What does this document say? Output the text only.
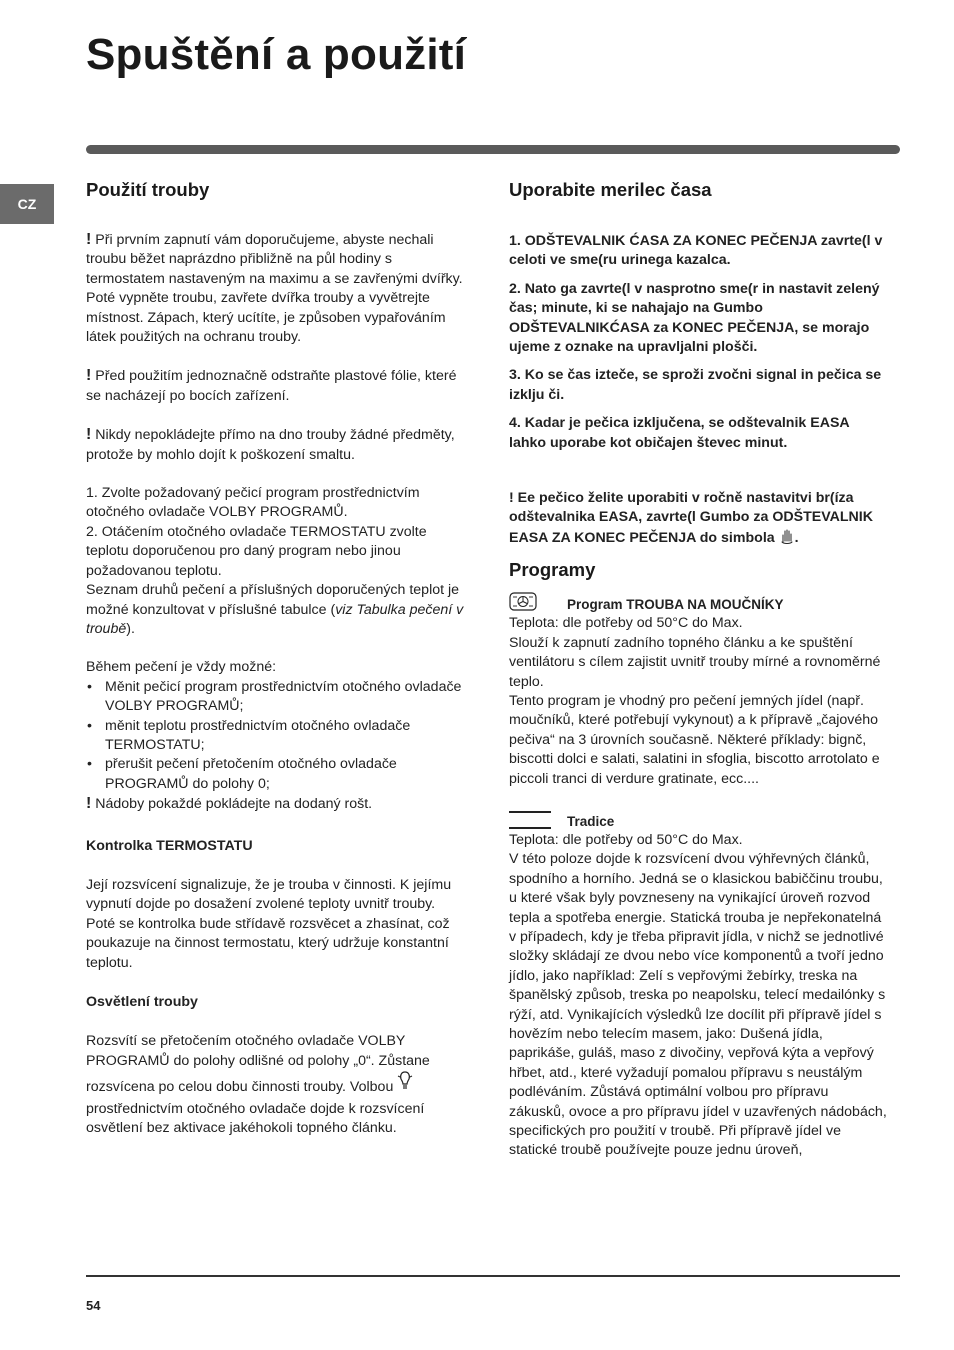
Spuštění a použití
CZ
Použití trouby

! Při prvním zapnutí vám doporučujeme, abyste nechali troubu běžet naprázdno přibližně na půl hodiny s termostatem nastaveným na maximu a se zavřenými dvířky. Poté vypněte troubu, zavřete dvířka trouby a vyvětrejte místnost. Zápach, který ucítíte, je způsoben vypařováním látek použitých na ochranu trouby.

! Před použitím jednoznačně odstraňte plastové fólie, které se nacházejí po bocích zařízení.

! Nikdy nepokládejte přímo na dno trouby žádné předměty, protože by mohlo dojít k poškození smaltu.

1. Zvolte požadovaný pečicí program prostřednictvím otočného ovladače VOLBY PROGRAMŮ.

2. Otáčením otočného ovladače TERMOSTATU zvolte teplotu doporučenou pro daný program nebo jinou požadovanou teplotu.

Seznam druhů pečení a příslušných doporučených teplot je možné konzultovat v příslušné tabulce (viz Tabulka pečení v troubě).

Během pečení je vždy možné:

• Měnit pečicí program prostřednictvím otočného ovladače VOLBY PROGRAMŮ;
• měnit teplotu prostřednictvím otočného ovladače TERMOSTATU;
• přerušit pečení přetočením otočného ovladače PROGRAMŮ do polohy 0;

! Nádoby pokaždé pokládejte na dodaný rošt.

Kontrolka TERMOSTATU

Její rozsvícení signalizuje, že je trouba v činnosti. K jejímu vypnutí dojde po dosažení zvolené teploty uvnitř trouby. Poté se kontrolka bude střídavě rozsvěcet a zhasínat, což poukazuje na činnost termostatu, který udržuje konstantní teplotu.

Osvětlení trouby

Rozsvítí se přetočením otočného ovladače VOLBY PROGRAMŮ do polohy odlišné od polohy „0“. Zůstane rozsvícena po celou dobu činnosti trouby. Volbou  prostřednictvím otočného ovladače dojde k rozsvícení osvětlení bez aktivace jakéhokoli topného článku.

Uporabite merilec časa

1. ODŠTEVALNIK ĆASA ZA KONEC PEČENJA zavrte(l v celoti ve sme(ru urinega kazalca.

2. Nato ga zavrte(l v nasprotno sme(r in nastavit zelený čas; minute, ki se nahajajo na Gumbo ODŠTEVALNIKĆASA za KONEC PEČENJA, se morajo ujeme z oznake na upravljalni plošči.

3. Ko se čas izteče, se sproži zvočni signal in pečica se izklju či.

4. Kadar je pečica izključena, se odštevalnik EASA lahko uporabe kot običajen števec minut.

! Ee pečico želite uporabiti v ročně nastavitvi br(íza odštevalnika EASA, zavrte(l Gumbo za ODŠTEVALNIK EASA ZA KONEC PEČENJA do simbola .

Programy
Program TROUBA NA MOUČNÍKY

Teplota: dle potřeby od 50°C do Max.
Slouží k zapnutí zadního topného článku a ke spuštění ventilátoru s cílem zajistit uvnitř trouby mírné a rovnoměrné teplo.
Tento program je vhodný pro pečení jemných jídel (např. moučníků, které potřebují vykynout) a k přípravě „čajového pečiva“ na 3 úrovních současně. Některé příklady: bignč, biscotti dolci e salati, salatini in sfoglia, biscotto arrotolato e piccoli tranci di verdure gratinate, ecc....

Tradice

Teplota: dle potřeby od 50°C do Max.
V této poloze dojde k rozsvícení dvou výhřevných článků, spodního a horního. Jedná se o klasickou babiččinu troubu, u které však byly povzneseny na vynikající úroveň rozvod tepla a spotřeba energie. Statická trouba je nepřekonatelná v případech, kdy je třeba připravit jídla, v nichž se jednotlivé složky skládají ze dvou nebo více komponentů a tvoří jedno jídlo, jako například: Zelí s vepřovými žebírky, treska na španělský způsob, treska po neapolsku, telecí medailónky s rýží, atd. Vynikajících výsledků lze docílit při přípravě jídel s hovězím nebo telecím masem, jako: Dušená jídla, paprikáše, guláš, maso z divočiny, vepřová kýta a vepřový hřbet, atd., které vyžadují pomalou přípravu s neustálým podléváním. Zůstává optimální volbou pro přípravu zákusků, ovoce a pro přípravu jídel v uzavřených nádobách, specifických pro použití v troubě. Při přípravě jídel ve statické troubě používejte pouze jednu úroveň,

54
